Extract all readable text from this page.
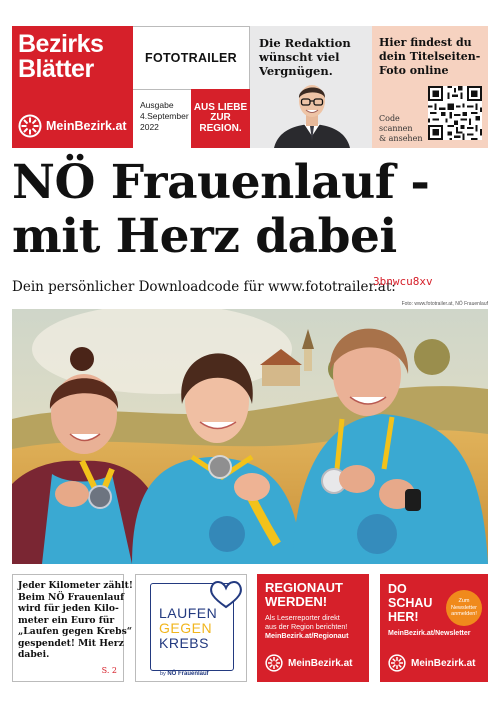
Bezirks
Blätter
MeinBezirk.at
FOTOTRAILER
Ausgabe
4.September
2022
AUS LIEBE
ZUR
REGION.
Die Redaktion
wünscht viel
Vergnügen.
Hier findest du
dein Titelseiten-
Foto online
Code
scannen
& ansehen
NÖ Frauenlauf -
mit Herz dabei
Dein persönlicher Downloadcode für www.fototrailer.at:
3bnwcu8xv
Foto: www.fototrailer.at, NÖ Frauenlauf
Jeder Kilometer zählt!
Beim NÖ Frauenlauf
wird für jeden Kilo-
meter ein Euro für
„Laufen gegen Krebs“
gespendet! Mit Herz
dabei.
S. 2
LAUFEN
GEGEN
KREBS
by NÖ Frauenlauf
REGIONAUT
WERDEN!
Als Leserreporter direkt
aus der Region berichten!
MeinBezirk.at/Regionaut
MeinBezirk.at
DO
SCHAU
HER!
MeinBezirk.at/Newsletter
Zum
Newsletter
anmelden!
MeinBezirk.at
